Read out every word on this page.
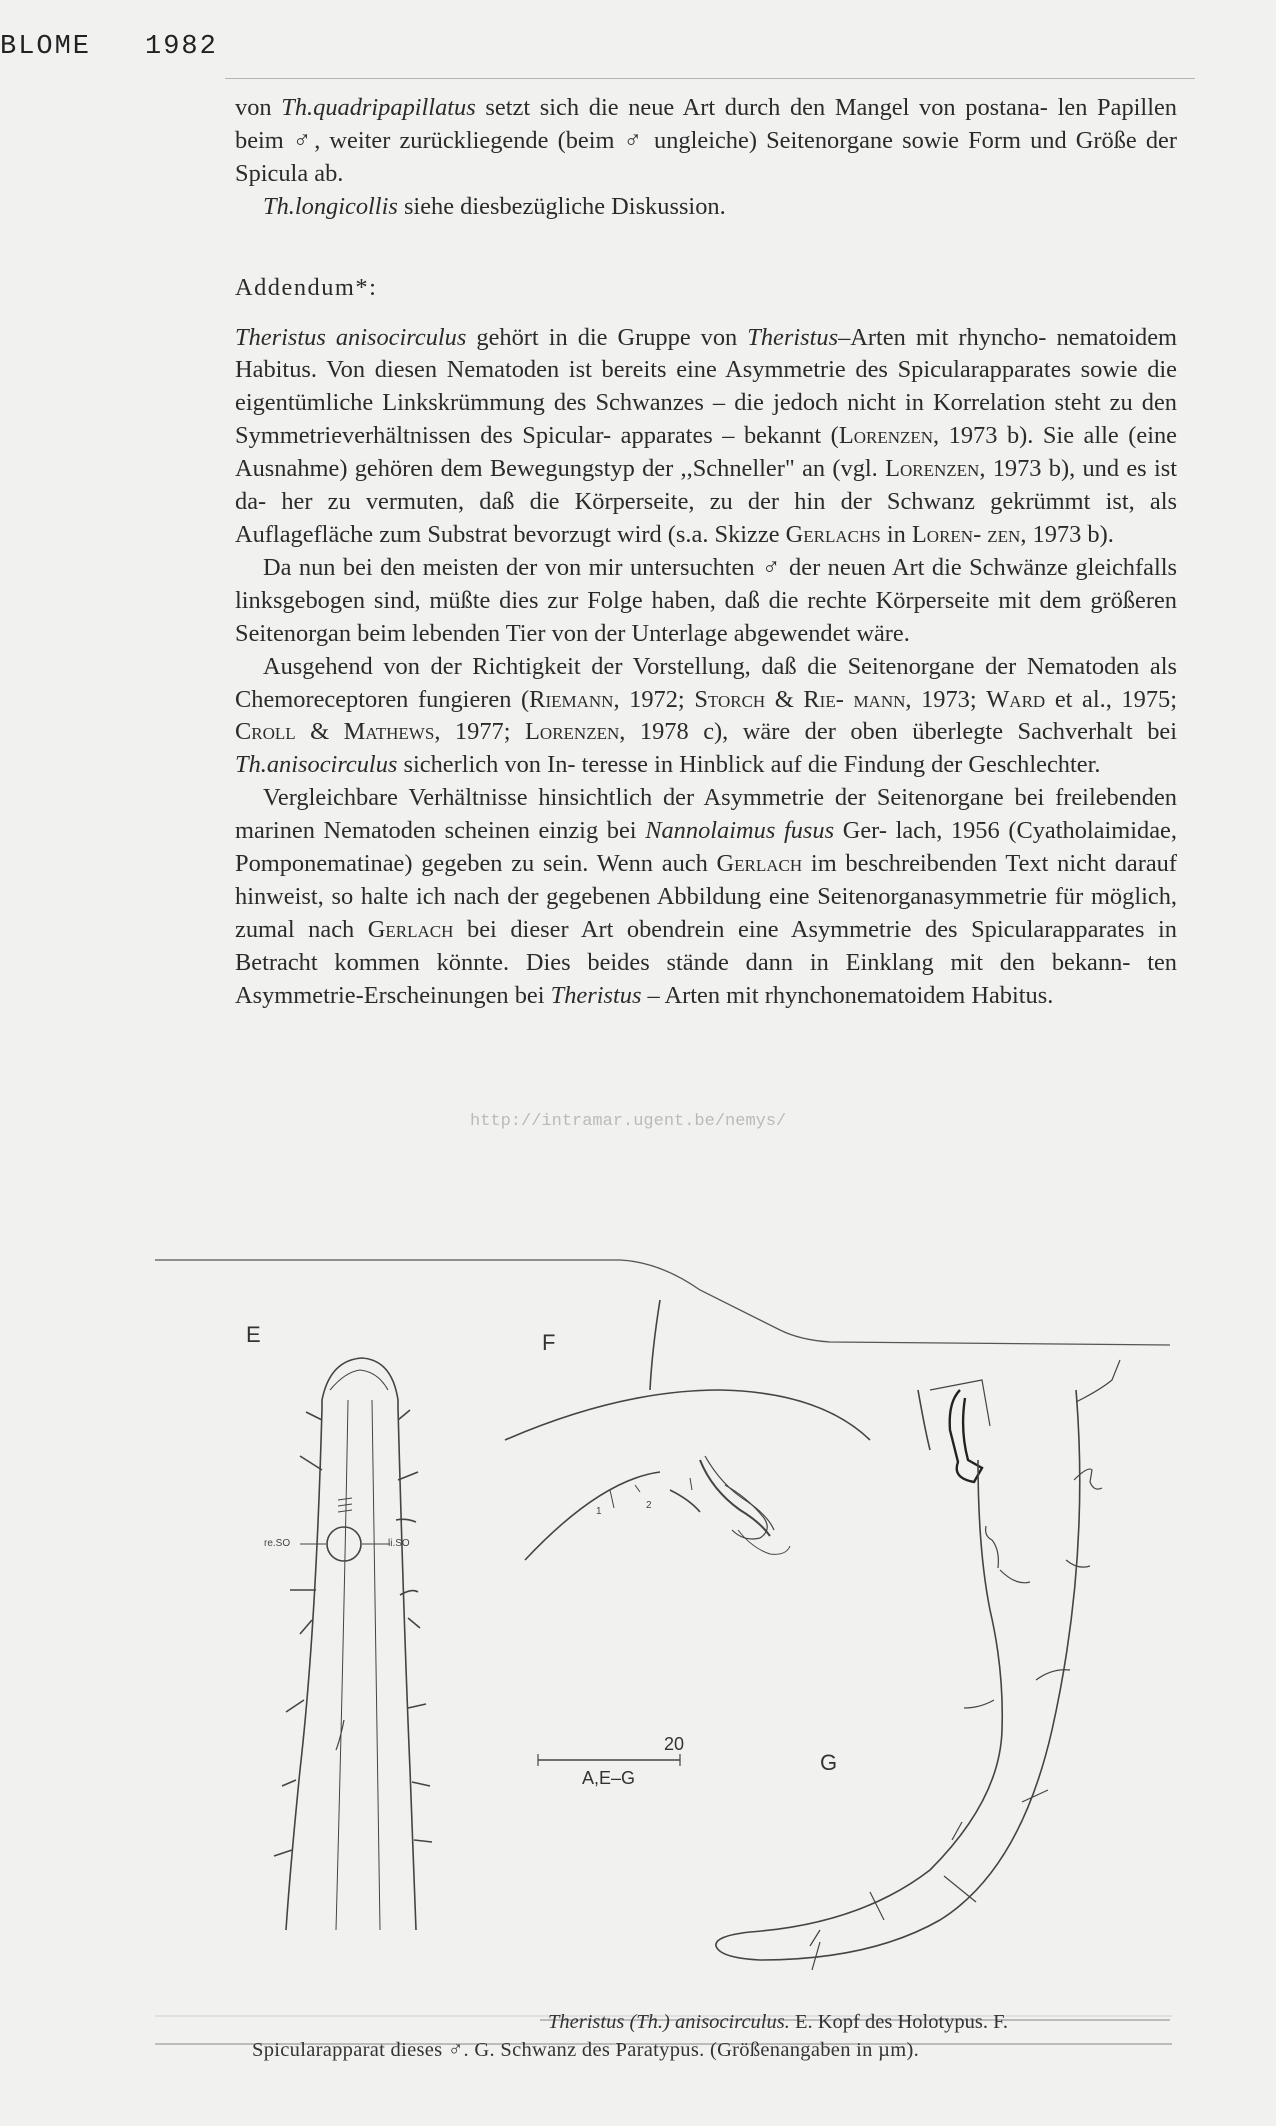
BLOME 1982

von Th.quadripapillatus setzt sich die neue Art durch den Mangel von postana- len Papillen beim ♂, weiter zurückliegende (beim ♂ ungleiche) Seitenorgane sowie Form und Größe der Spicula ab.

Th.longicollis siehe diesbezügliche Diskussion.

Addendum*:

Theristus anisocirculus gehört in die Gruppe von Theristus–Arten mit rhyncho- nematoidem Habitus. Von diesen Nematoden ist bereits eine Asymmetrie des Spicularapparates sowie die eigentümliche Linkskrümmung des Schwanzes – die jedoch nicht in Korrelation steht zu den Symmetrieverhältnissen des Spicular- apparates – bekannt (Lorenzen, 1973 b). Sie alle (eine Ausnahme) gehören dem Bewegungstyp der ,,Schneller" an (vgl. Lorenzen, 1973 b), und es ist da- her zu vermuten, daß die Körperseite, zu der hin der Schwanz gekrümmt ist, als Auflagefläche zum Substrat bevorzugt wird (s.a. Skizze Gerlachs in Loren- zen, 1973 b).

Da nun bei den meisten der von mir untersuchten ♂ der neuen Art die Schwänze gleichfalls linksgebogen sind, müßte dies zur Folge haben, daß die rechte Körperseite mit dem größeren Seitenorgan beim lebenden Tier von der Unterlage abgewendet wäre.

Ausgehend von der Richtigkeit der Vorstellung, daß die Seitenorgane der Nematoden als Chemoreceptoren fungieren (Riemann, 1972; Storch & Rie- mann, 1973; Ward et al., 1975; Croll & Mathews, 1977; Lorenzen, 1978 c), wäre der oben überlegte Sachverhalt bei Th.anisocirculus sicherlich von In- teresse in Hinblick auf die Findung der Geschlechter.

Vergleichbare Verhältnisse hinsichtlich der Asymmetrie der Seitenorgane bei freilebenden marinen Nematoden scheinen einzig bei Nannolaimus fusus Ger- lach, 1956 (Cyatholaimidae, Pomponematinae) gegeben zu sein. Wenn auch Gerlach im beschreibenden Text nicht darauf hinweist, so halte ich nach der gegebenen Abbildung eine Seitenorganasymmetrie für möglich, zumal nach Gerlach bei dieser Art obendrein eine Asymmetrie des Spicularapparates in Betracht kommen könnte. Dies beides stände dann in Einklang mit den bekann- ten Asymmetrie-Erscheinungen bei Theristus – Arten mit rhynchonematoidem Habitus.

http://intramar.ugent.be/nemys/
E	F
G
re.SO	li.SO
1
2
20
A,E–G
Theristus (Th.) anisocirculus. E. Kopf des Holotypus. F.
Spicularapparat dieses ♂. G. Schwanz des Paratypus. (Größenangaben in µm).
